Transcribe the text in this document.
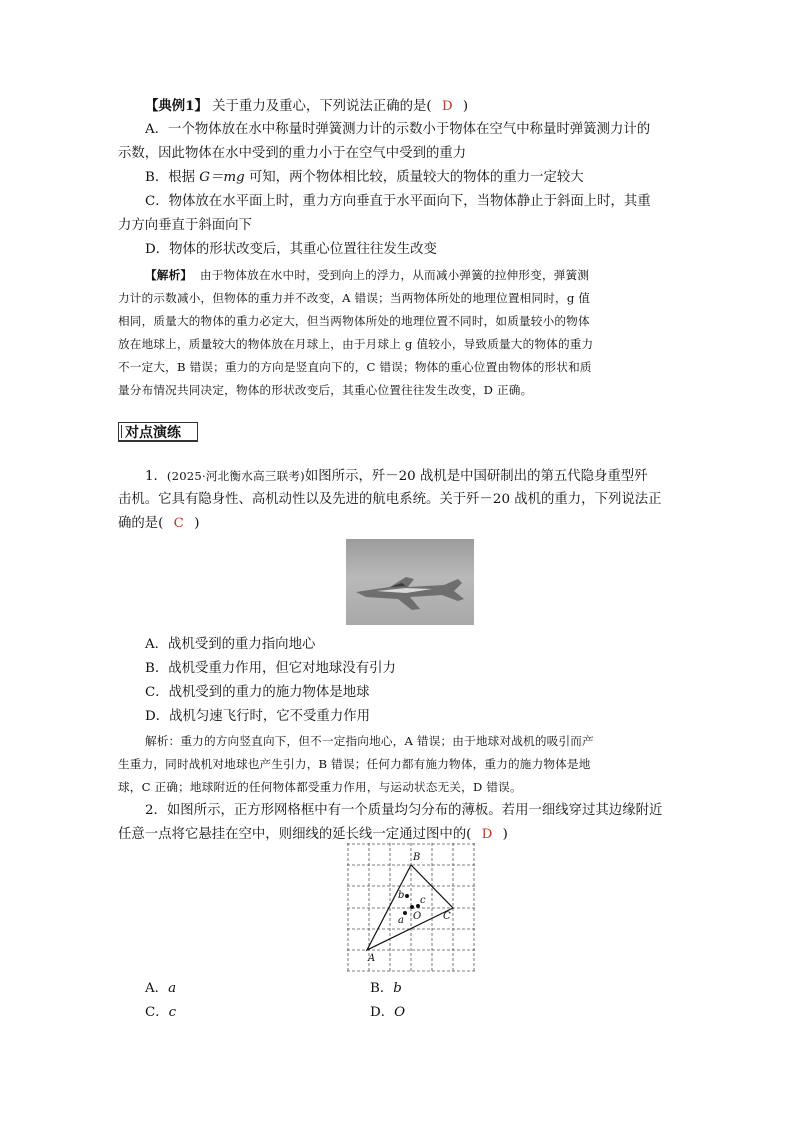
【典例1】 关于重力及重心，下列说法正确的是( D )
A．一个物体放在水中称量时弹簧测力计的示数小于物体在空气中称量时弹簧测力计的
示数，因此物体在水中受到的重力小于在空气中受到的重力
B．根据 G＝mg 可知，两个物体相比较，质量较大的物体的重力一定较大
C．物体放在水平面上时，重力方向垂直于水平面向下，当物体静止于斜面上时，其重
力方向垂直于斜面向下
D．物体的形状改变后，其重心位置往往发生改变
【解析】 由于物体放在水中时，受到向上的浮力，从而减小弹簧的拉伸形变，弹簧测
力计的示数减小，但物体的重力并不改变，A 错误；当两物体所处的地理位置相同时，g 值
相同，质量大的物体的重力必定大，但当两物体所处的地理位置不同时，如质量较小的物体
放在地球上，质量较大的物体放在月球上，由于月球上 g 值较小，导致质量大的物体的重力
不一定大，B 错误；重力的方向是竖直向下的，C 错误；物体的重心位置由物体的形状和质
量分布情况共同决定，物体的形状改变后，其重心位置往往发生改变，D 正确。
对点演练
1．(2025·河北衡水高三联考)如图所示，歼－20 战机是中国研制出的第五代隐身重型歼
击机。它具有隐身性、高机动性以及先进的航电系统。关于歼－20 战机的重力，下列说法正
确的是( C )
A．战机受到的重力指向地心
B．战机受重力作用，但它对地球没有引力
C．战机受到的重力的施力物体是地球
D．战机匀速飞行时，它不受重力作用
解析：重力的方向竖直向下，但不一定指向地心，A 错误；由于地球对战机的吸引而产
生重力，同时战机对地球也产生引力，B 错误；任何力都有施力物体，重力的施力物体是地
球，C 正确；地球附近的任何物体都受重力作用，与运动状态无关，D 错误。
2．如图所示，正方形网格框中有一个质量均匀分布的薄板。若用一细线穿过其边缘附近
任意一点将它悬挂在空中，则细线的延长线一定通过图中的( D )
B
C
A
b c
O
a
A．a	B．b
C．c	D．O
